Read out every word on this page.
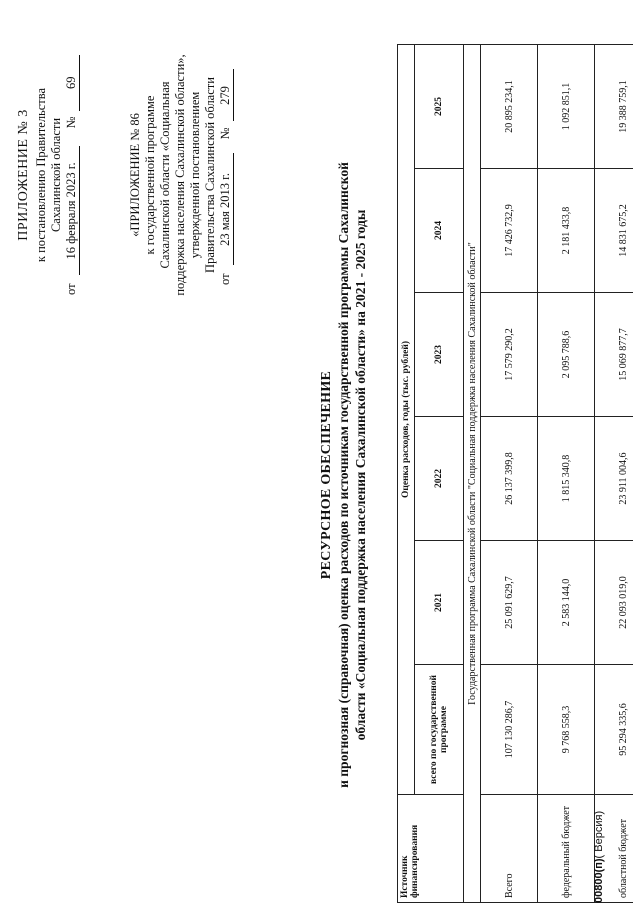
ПРИЛОЖЕНИЕ № 3 к постановлению Правительства Сахалинской области
от
16 февраля 2023 г.
№
69
«ПРИЛОЖЕНИЕ № 86 к государственной программе Сахалинской области «Социальная поддержка населения Сахалинской области», утвержденной постановлением Правительства Сахалинской области
от
23 мая 2013 г.
№
279
РЕСУРСНОЕ ОБЕСПЕЧЕНИЕ и прогнозная (справочная) оценка расходов по источникам государственной программы Сахалинской области «Социальная поддержка населения Сахалинской области» на 2021 - 2025 годы
Источник финансирования	Оценка расходов, годы (тыс. рублей)					
	всего по государственной программе	2021	2022	2023	2024	2025
Государственная программа Сахалинской области "Социальная поддержка населения Сахалинской области"						
Всего	107 130 286,7	25 091 629,7	26 137 399,8	17 579 290,2	17 426 732,9	20 895 234,1
федеральный бюджет	9 768 558,3	2 583 144,0	1 815 340,8	2 095 788,6	2 181 433,8	1 092 851,1
областной бюджет	95 294 335,6	22 093 019,0	23 911 004,6	15 069 877,7	14 831 675,2	19 388 759,1
00800(п)( Версия)
